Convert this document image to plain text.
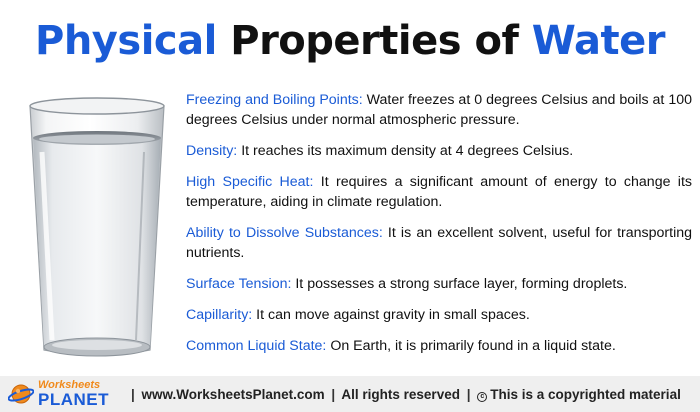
Physical Properties of Water

Freezing and Boiling Points: Water freezes at 0 degrees Celsius and boils at 100 degrees Celsius under normal atmospheric pressure.

Density: It reaches its maximum density at 4 degrees Celsius.

High Specific Heat: It requires a significant amount of energy to change its temperature, aiding in climate regulation.

Ability to Dissolve Substances: It is an excellent solvent, useful for transporting nutrients.

Surface Tension: It possesses a strong surface layer, forming droplets.

Capillarity: It can move against gravity in small spaces.

Common Liquid State: On Earth, it is primarily found in a liquid state.

Worksheets
PLANET | www.WorksheetsPlanet.com | All rights reserved | c This is a copyrighted material
